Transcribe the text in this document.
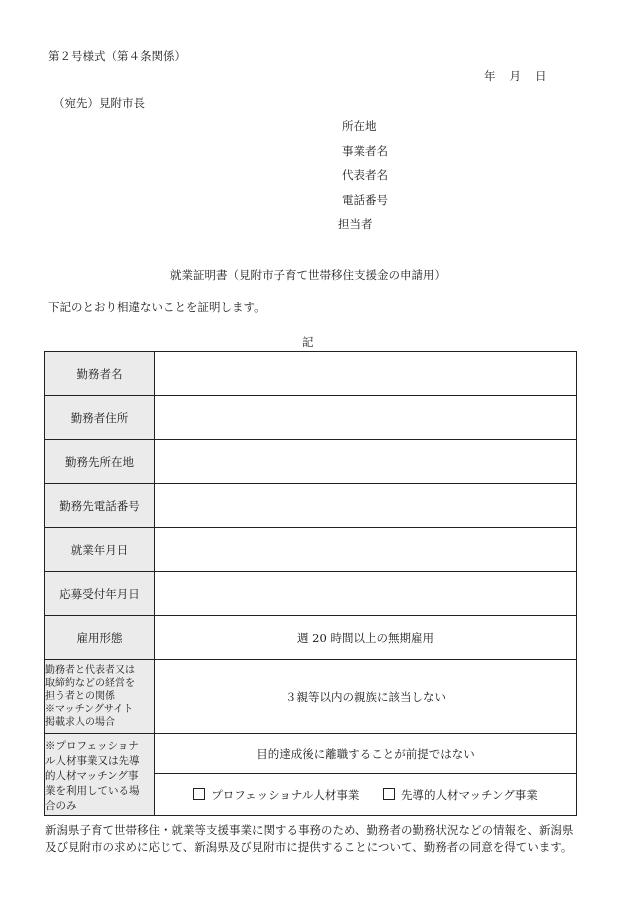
第２号様式（第４条関係）
年 月 日
（宛先）見附市長
所在地
事業者名
代表者名
電話番号
担当者
就業証明書（見附市子育て世帯移住支援金の申請用）
下記のとおり相違ないことを証明します。
記
勤務者名	
勤務者住所	
勤務先所在地	
勤務先電話番号	
就業年月日	
応募受付年月日	
雇用形態	週 20 時間以上の無期雇用

勤務者と代表者又は
取締約などの経営を
担う者との関係
※マッチングサイト
掲載求人の場合	３親等以内の親族に該当しない

※プロフェッショナ
ル人材事業又は先導
的人材マッチング事
業を利用している場
合のみ	目的達成後に離職することが前提ではない
	プロフェッショナル人材事業 先導的人材マッチング事業
新潟県子育て世帯移住・就業等支援事業に関する事務のため、勤務者の勤務状況などの情報を、新潟県及び見附市の求めに応じて、新潟県及び見附市に提供することについて、勤務者の同意を得ています。
